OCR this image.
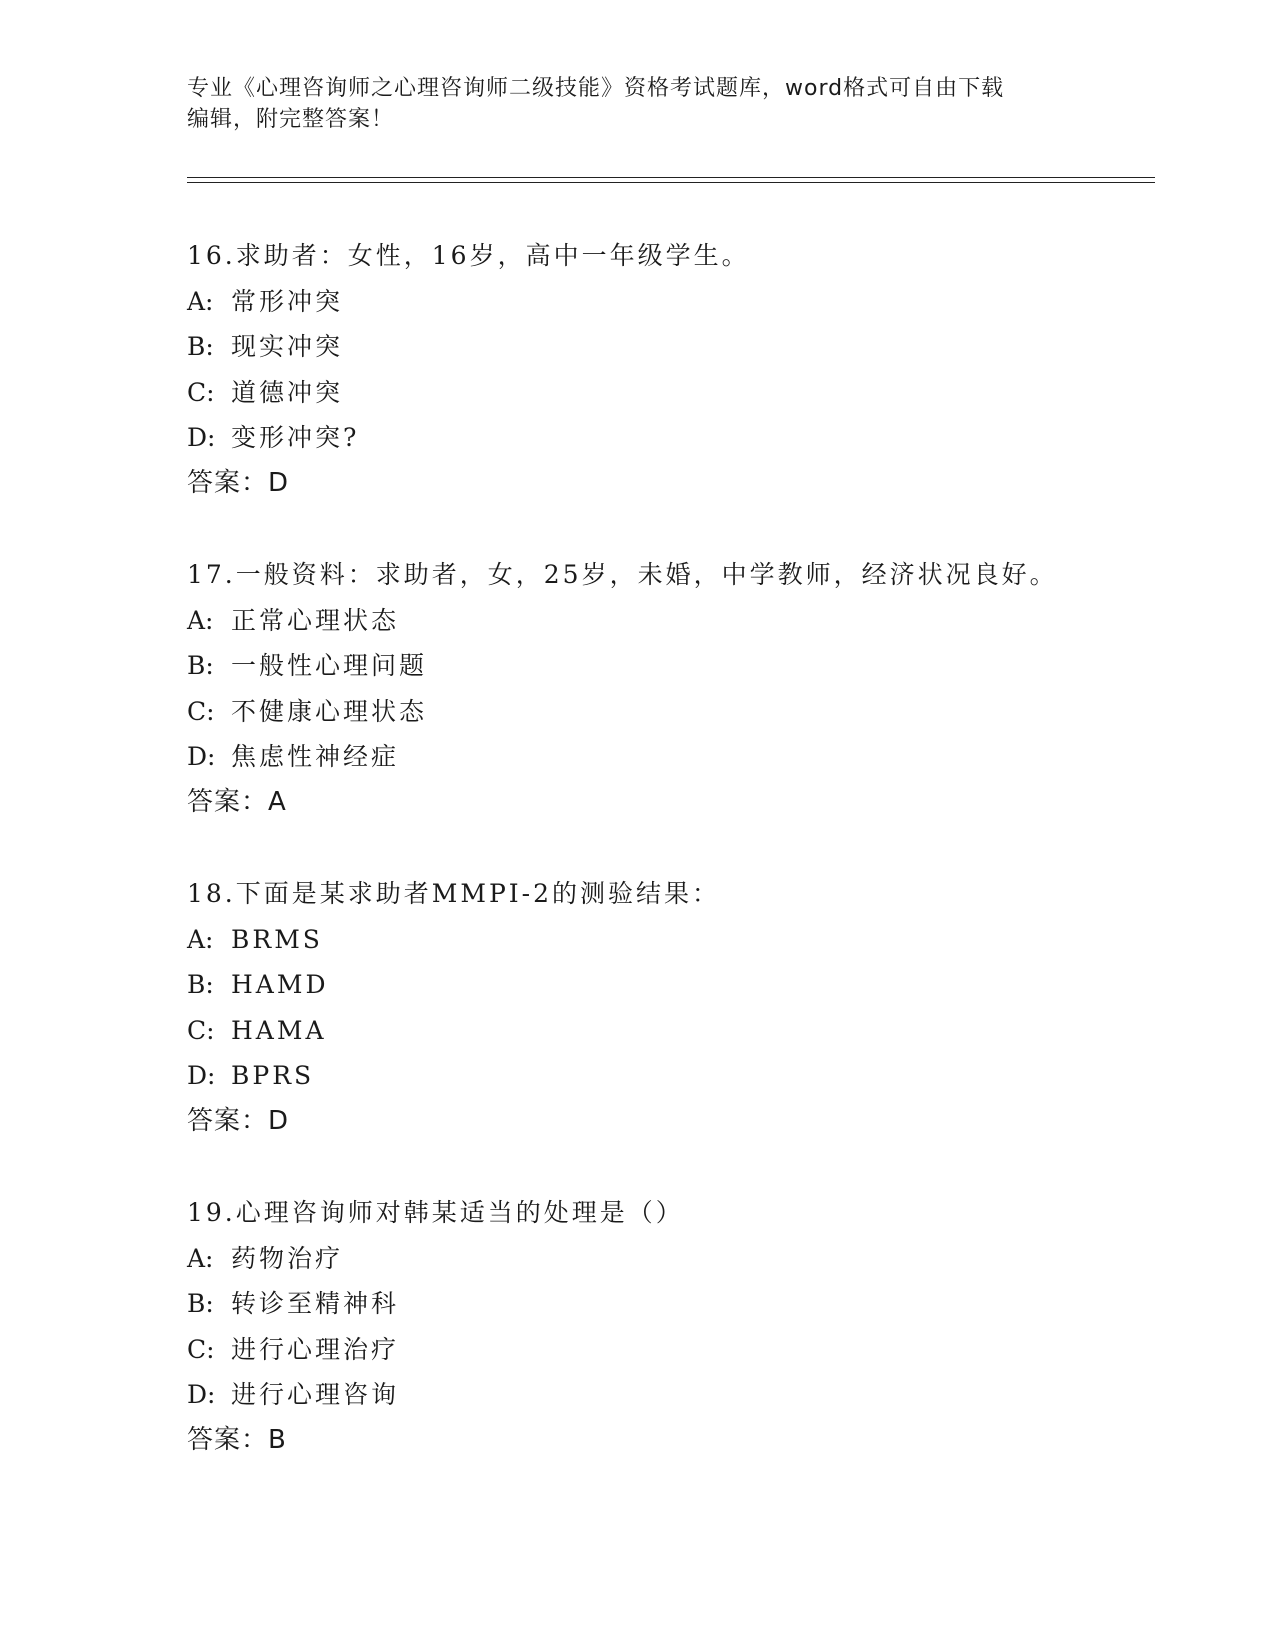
专业《心理咨询师之心理咨询师二级技能》资格考试题库，word格式可自由下载
编辑，附完整答案！
16.求助者：女性，16岁，高中一年级学生。
A: 常形冲突
B: 现实冲突
C: 道德冲突
D: 变形冲突?
答案：D
17.一般资料：求助者，女，25岁，未婚，中学教师，经济状况良好。
A: 正常心理状态
B: 一般性心理问题
C: 不健康心理状态
D: 焦虑性神经症
答案：A
18.下面是某求助者MMPI-2的测验结果：
A: BRMS
B: HAMD
C: HAMA
D: BPRS
答案：D
19.心理咨询师对韩某适当的处理是（）
A: 药物治疗
B: 转诊至精神科
C: 进行心理治疗
D: 进行心理咨询
答案：B
